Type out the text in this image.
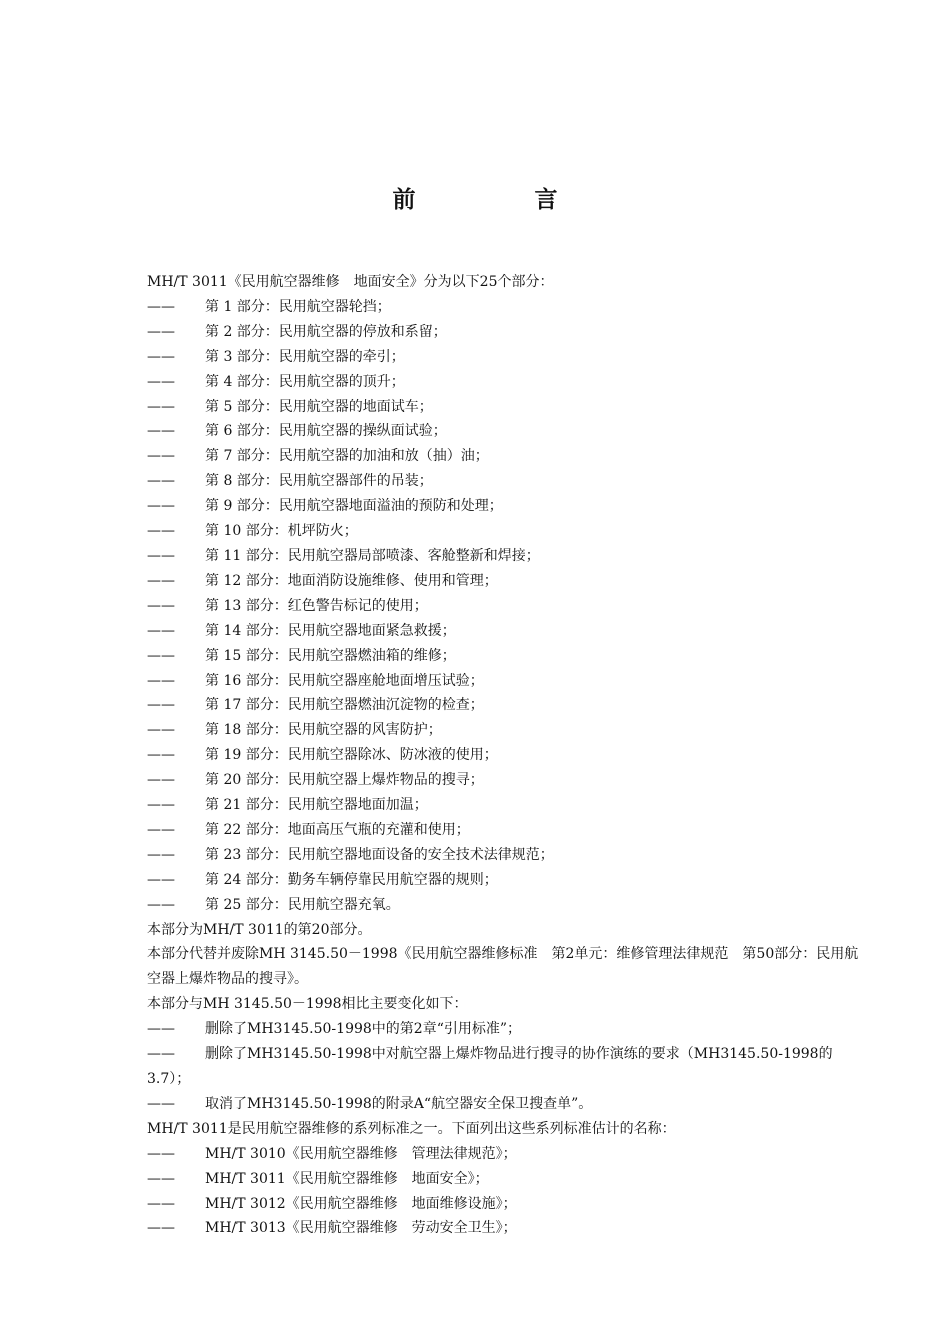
前　言

MH/T 3011《民用航空器维修　地面安全》分为以下25个部分：

—— 第 1 部分：民用航空器轮挡；
—— 第 2 部分：民用航空器的停放和系留；
—— 第 3 部分：民用航空器的牵引；
—— 第 4 部分：民用航空器的顶升；
—— 第 5 部分：民用航空器的地面试车；
—— 第 6 部分：民用航空器的操纵面试验；
—— 第 7 部分：民用航空器的加油和放（抽）油；
—— 第 8 部分：民用航空器部件的吊装；
—— 第 9 部分：民用航空器地面溢油的预防和处理；
—— 第 10 部分：机坪防火；
—— 第 11 部分：民用航空器局部喷漆、客舱整新和焊接；
—— 第 12 部分：地面消防设施维修、使用和管理；
—— 第 13 部分：红色警告标记的使用；
—— 第 14 部分：民用航空器地面紧急救援；
—— 第 15 部分：民用航空器燃油箱的维修；
—— 第 16 部分：民用航空器座舱地面增压试验；
—— 第 17 部分：民用航空器燃油沉淀物的检查；
—— 第 18 部分：民用航空器的风害防护；
—— 第 19 部分：民用航空器除冰、防冰液的使用；
—— 第 20 部分：民用航空器上爆炸物品的搜寻；
—— 第 21 部分：民用航空器地面加温；
—— 第 22 部分：地面高压气瓶的充灌和使用；
—— 第 23 部分：民用航空器地面设备的安全技术法律规范；
—— 第 24 部分：勤务车辆停靠民用航空器的规则；
—— 第 25 部分：民用航空器充氧。

本部分为MH/T 3011的第20部分。

本部分代替并废除MH 3145.50－1998《民用航空器维修标准　第2单元：维修管理法律规范　第50部分：民用航空器上爆炸物品的搜寻》。

本部分与MH 3145.50－1998相比主要变化如下：

—— 删除了MH3145.50-1998中的第2章“引用标准”；
—— 删除了MH3145.50-1998中对航空器上爆炸物品进行搜寻的协作演练的要求（MH3145.50-1998的3.7）；
—— 取消了MH3145.50-1998的附录A“航空器安全保卫搜查单”。

MH/T 3011是民用航空器维修的系列标准之一。下面列出这些系列标准估计的名称：

—— MH/T 3010《民用航空器维修　管理法律规范》；
—— MH/T 3011《民用航空器维修　地面安全》；
—— MH/T 3012《民用航空器维修　地面维修设施》；
—— MH/T 3013《民用航空器维修　劳动安全卫生》；
